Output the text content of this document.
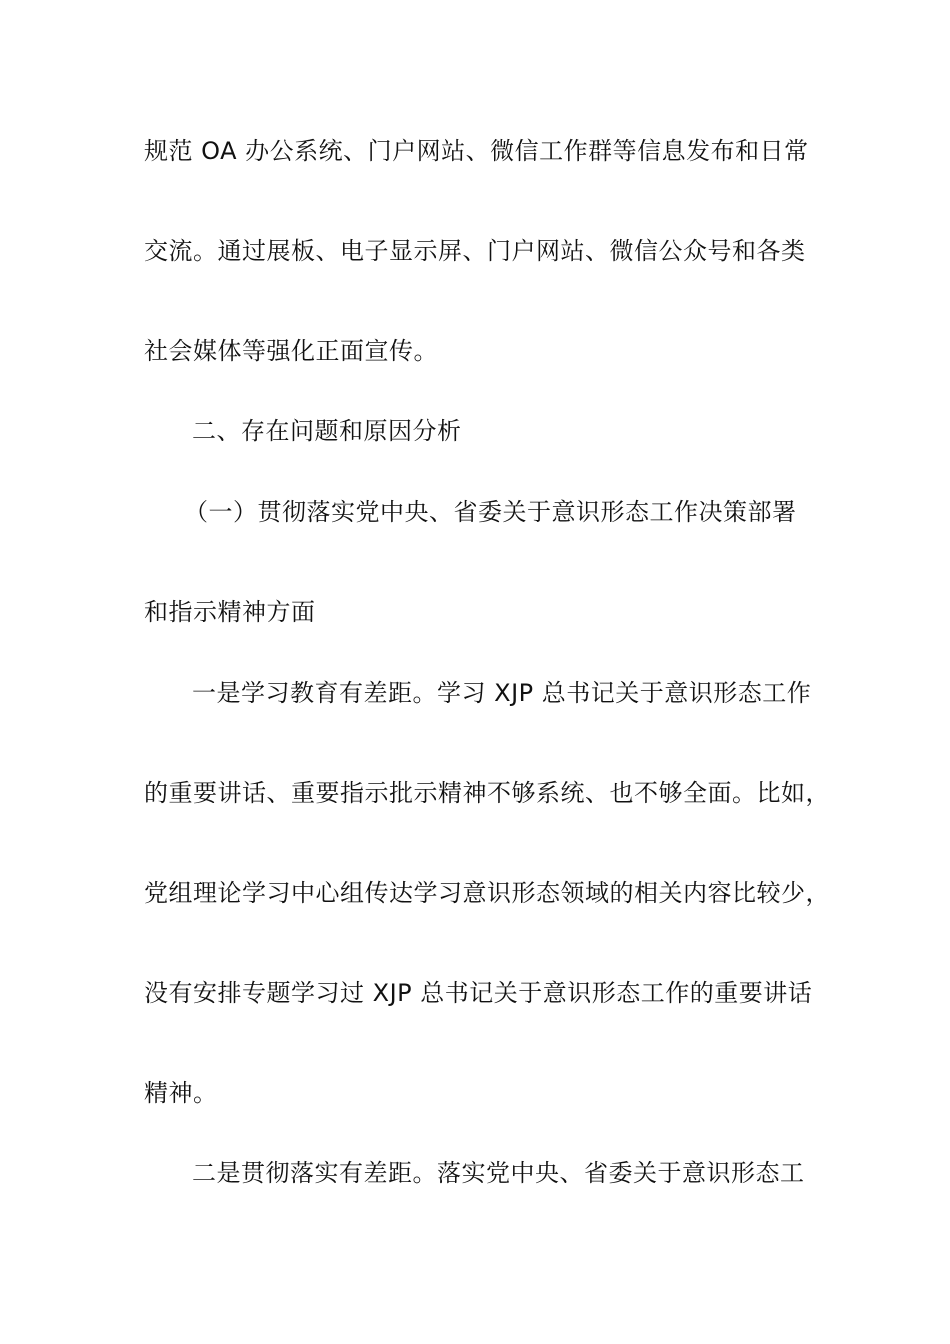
规范 OA 办公系统、门户网站、微信工作群等信息发布和日常
交流。通过展板、电子显示屏、门户网站、微信公众号和各类
社会媒体等强化正面宣传。
二、存在问题和原因分析
（一）贯彻落实党中央、省委关于意识形态工作决策部署
和指示精神方面
一是学习教育有差距。学习 XJP 总书记关于意识形态工作
的重要讲话、重要指示批示精神不够系统、也不够全面。比如，
党组理论学习中心组传达学习意识形态领域的相关内容比较少，
没有安排专题学习过 XJP 总书记关于意识形态工作的重要讲话
精神。
二是贯彻落实有差距。落实党中央、省委关于意识形态工
